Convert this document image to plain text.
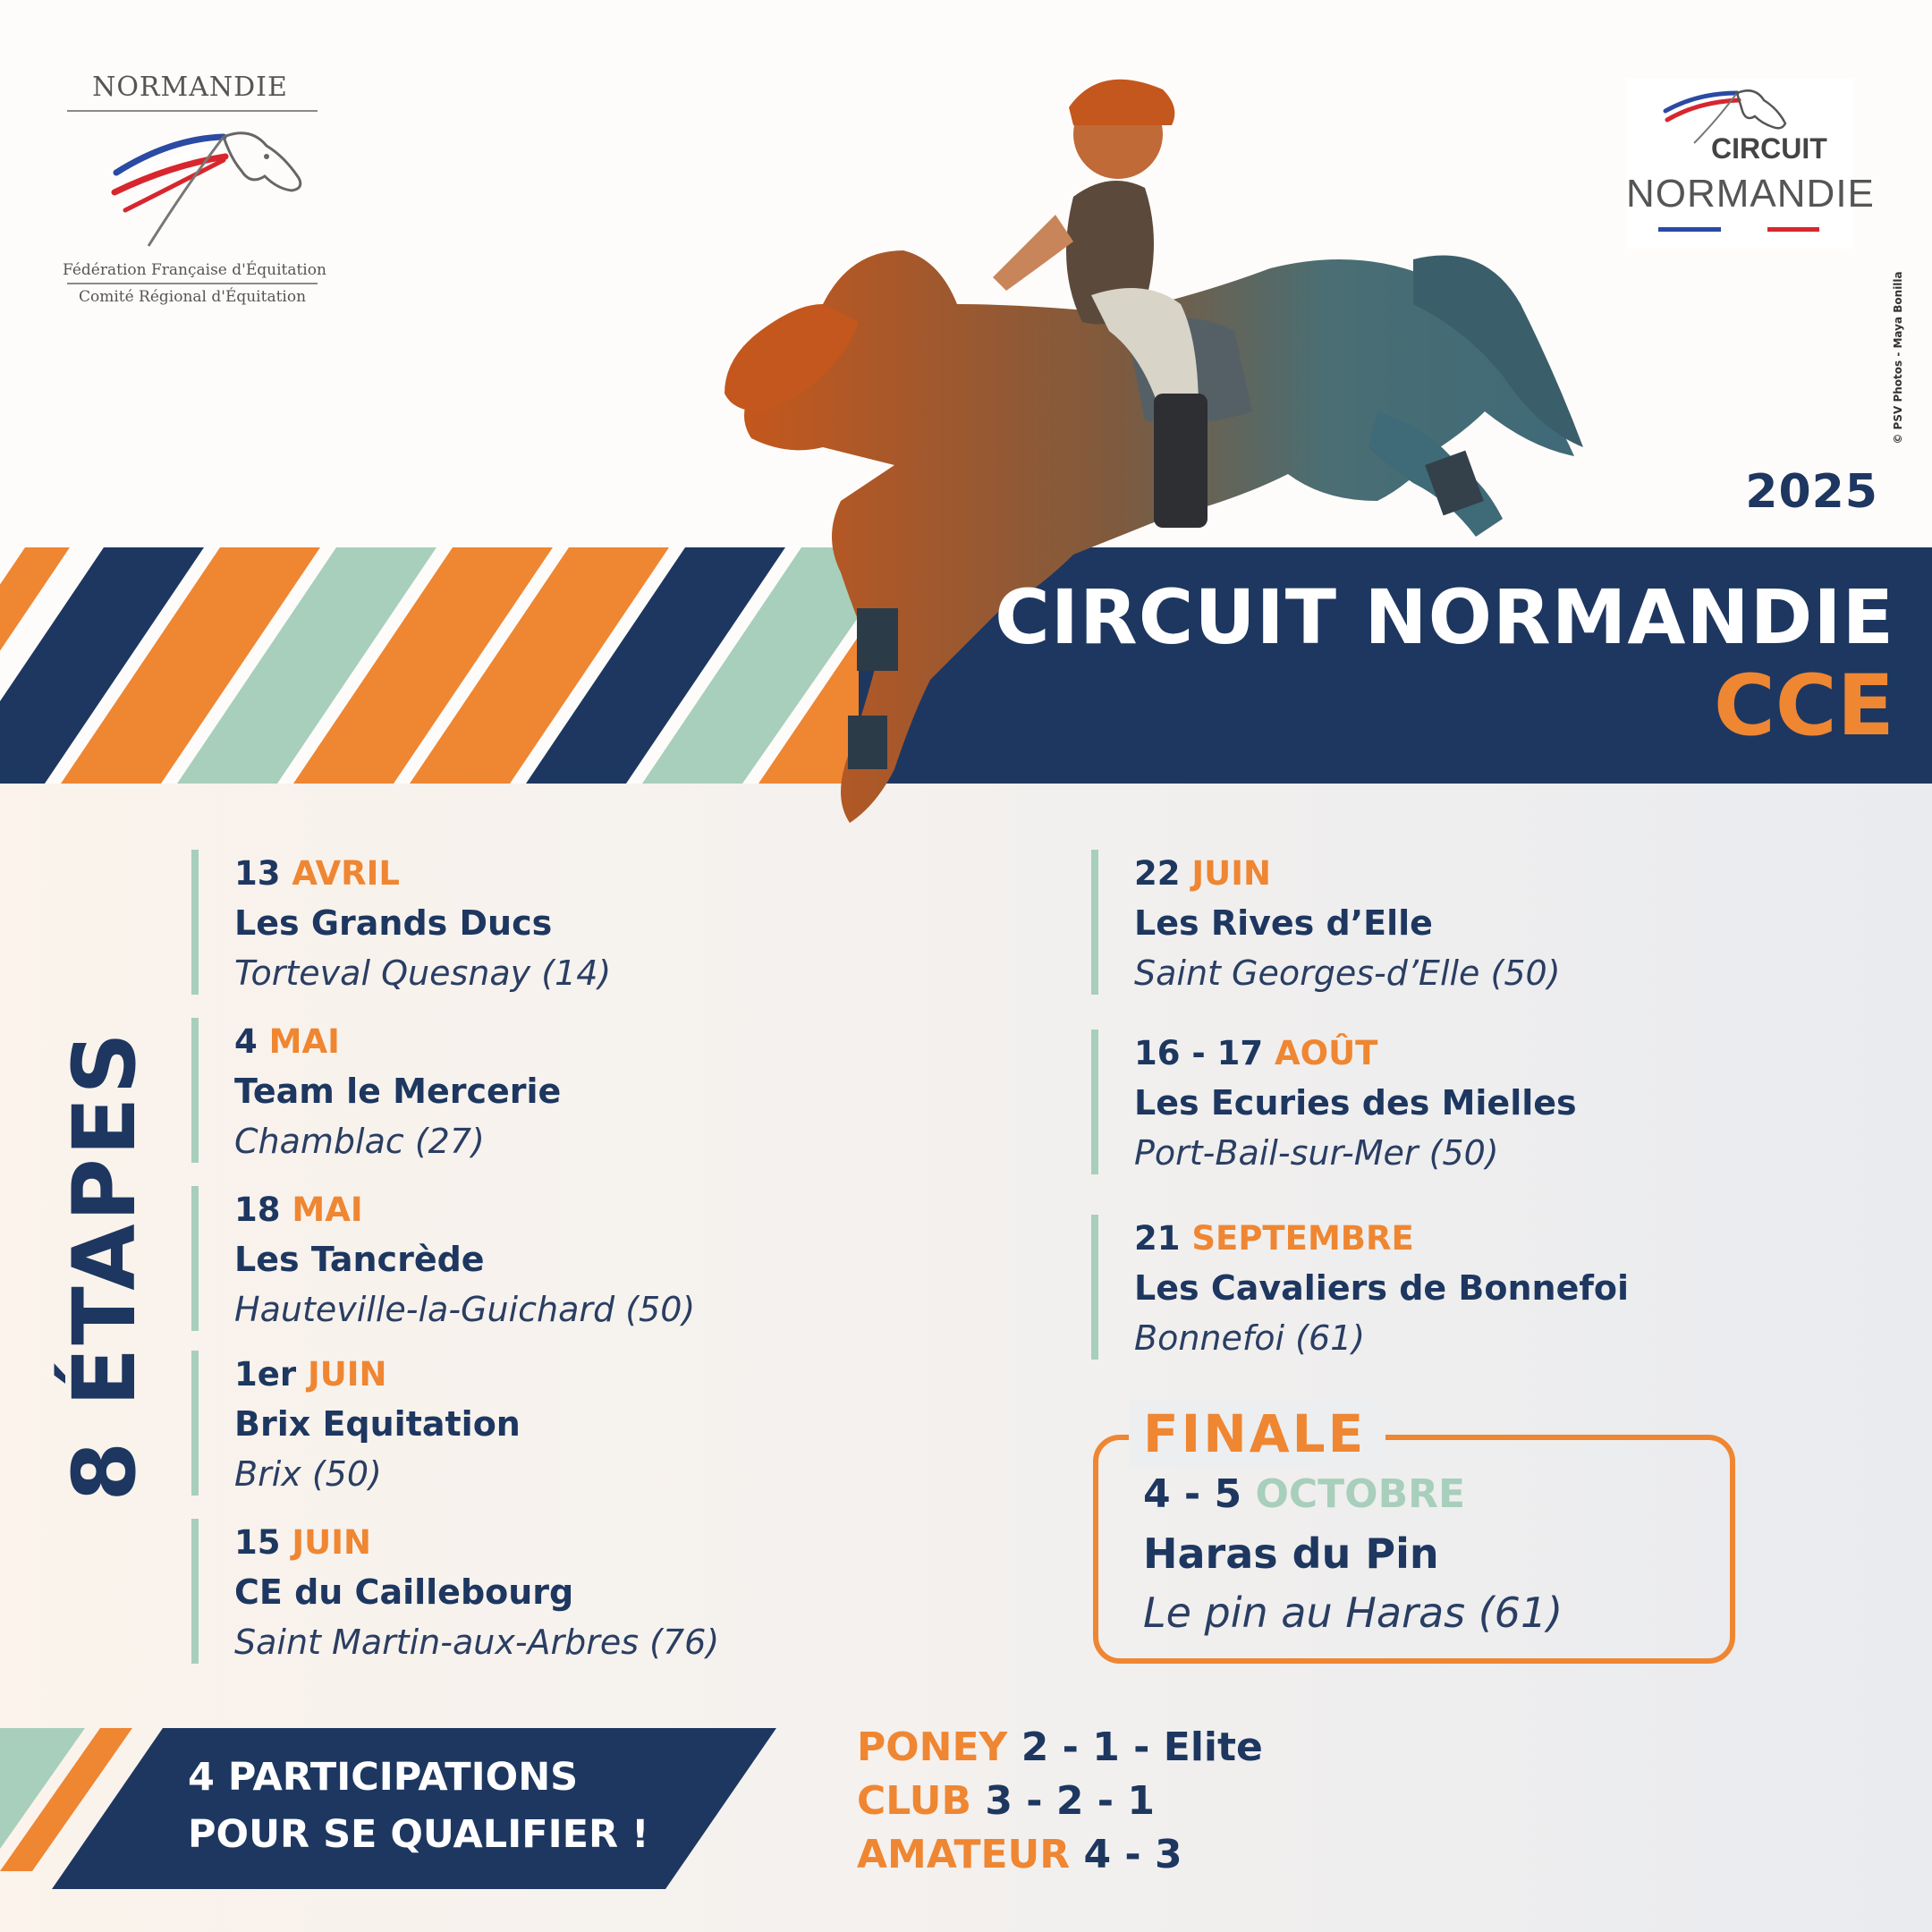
NORMANDIE
Fédération Française d'Équitation
Comité Régional d'Équitation
CIRCUIT
NORMANDIE
© PSV Photos - Maya Bonilla
2025
CIRCUIT NORMANDIE
CCE
8 ÉTAPES
13 AVRIL
Les Grands Ducs
Torteval Quesnay (14)
4 MAI
Team le Mercerie
Chamblac (27)
18 MAI
Les Tancrède
Hauteville-la-Guichard (50)
1er JUIN
Brix Equitation
Brix (50)
15 JUIN
CE du Caillebourg
Saint Martin-aux-Arbres (76)
22 JUIN
Les Rives d’Elle
Saint Georges-d’Elle (50)
16 - 17 AOÛT
Les Ecuries des Mielles
Port-Bail-sur-Mer (50)
21 SEPTEMBRE
Les Cavaliers de Bonnefoi
Bonnefoi (61)
FINALE
4 - 5 OCTOBRE
Haras du Pin
Le pin au Haras (61)
4 PARTICIPATIONS
POUR SE QUALIFIER !
PONEY 2 - 1 - Elite
CLUB 3 - 2 - 1
AMATEUR 4 - 3
